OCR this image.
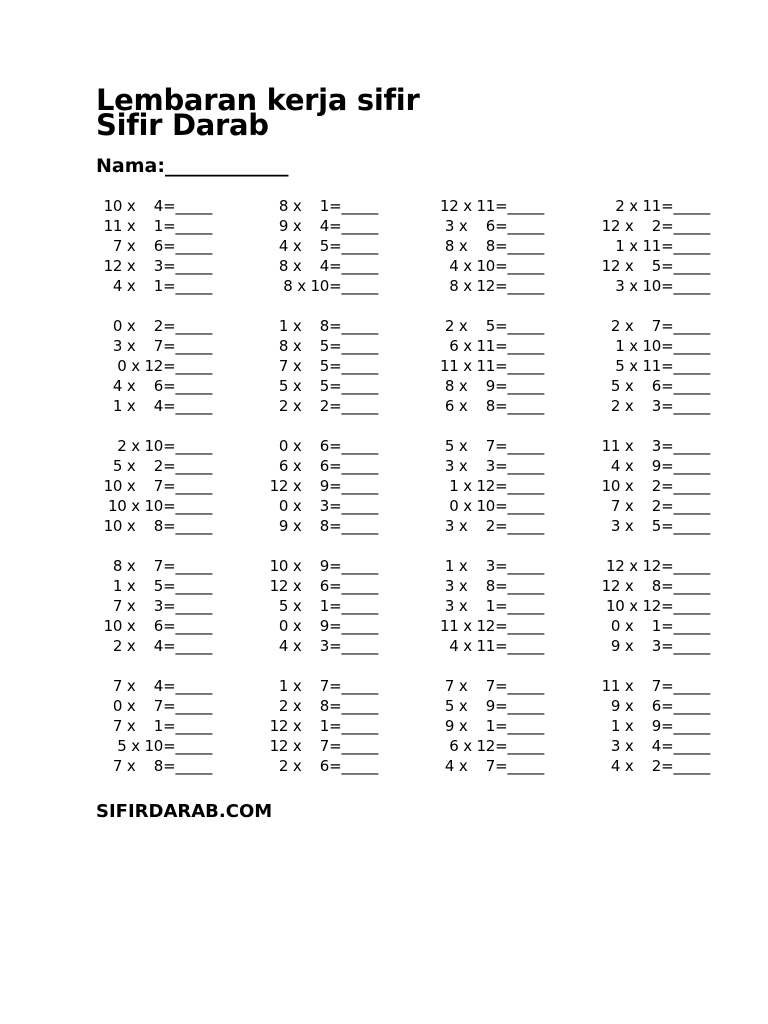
Lembaran kerja sifir
Sifir Darab
Nama:_____________
10 x    4=_____
11 x    1=_____
7 x    6=_____
12 x    3=_____
4 x    1=_____
8 x    1=_____
9 x    4=_____
4 x    5=_____
8 x    4=_____
8 x 10=_____
12 x 11=_____
3 x    6=_____
8 x    8=_____
4 x 10=_____
8 x 12=_____
2 x 11=_____
12 x    2=_____
1 x 11=_____
12 x    5=_____
3 x 10=_____
0 x    2=_____
3 x    7=_____
0 x 12=_____
4 x    6=_____
1 x    4=_____
1 x    8=_____
8 x    5=_____
7 x    5=_____
5 x    5=_____
2 x    2=_____
2 x    5=_____
6 x 11=_____
11 x 11=_____
8 x    9=_____
6 x    8=_____
2 x    7=_____
1 x 10=_____
5 x 11=_____
5 x    6=_____
2 x    3=_____
2 x 10=_____
5 x    2=_____
10 x    7=_____
10 x 10=_____
10 x    8=_____
0 x    6=_____
6 x    6=_____
12 x    9=_____
0 x    3=_____
9 x    8=_____
5 x    7=_____
3 x    3=_____
1 x 12=_____
0 x 10=_____
3 x    2=_____
11 x    3=_____
4 x    9=_____
10 x    2=_____
7 x    2=_____
3 x    5=_____
8 x    7=_____
1 x    5=_____
7 x    3=_____
10 x    6=_____
2 x    4=_____
10 x    9=_____
12 x    6=_____
5 x    1=_____
0 x    9=_____
4 x    3=_____
1 x    3=_____
3 x    8=_____
3 x    1=_____
11 x 12=_____
4 x 11=_____
12 x 12=_____
12 x    8=_____
10 x 12=_____
0 x    1=_____
9 x    3=_____
7 x    4=_____
0 x    7=_____
7 x    1=_____
5 x 10=_____
7 x    8=_____
1 x    7=_____
2 x    8=_____
12 x    1=_____
12 x    7=_____
2 x    6=_____
7 x    7=_____
5 x    9=_____
9 x    1=_____
6 x 12=_____
4 x    7=_____
11 x    7=_____
9 x    6=_____
1 x    9=_____
3 x    4=_____
4 x    2=_____
SIFIRDARAB.COM
